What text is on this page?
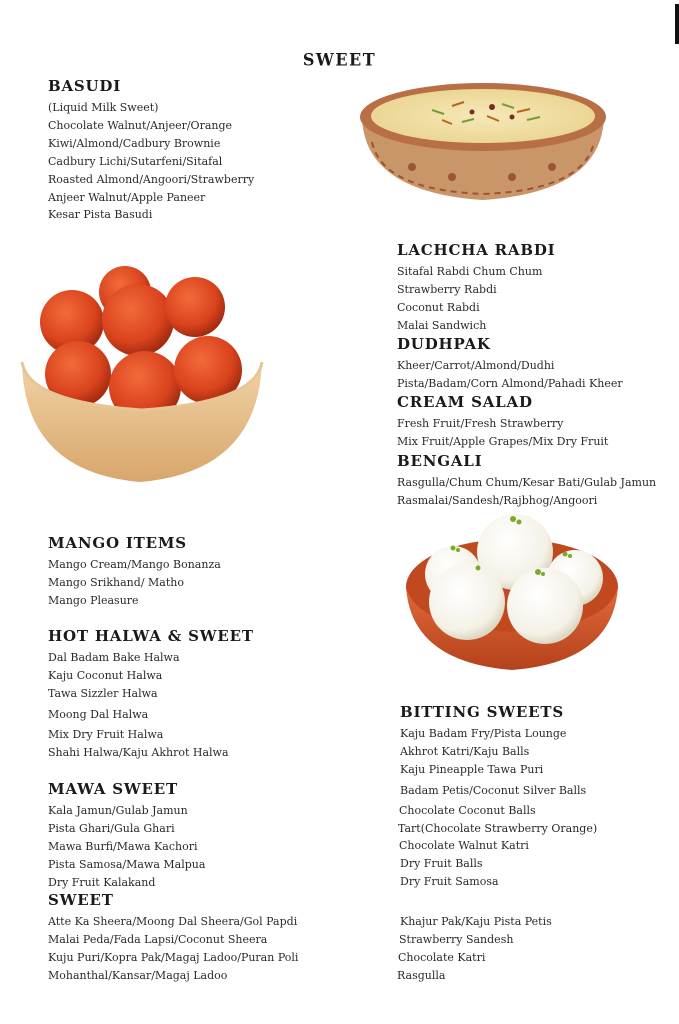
SWEET
BASUDI
(Liquid Milk Sweet)
Chocolate Walnut/Anjeer/Orange
Kiwi/Almond/Cadbury Brownie
Cadbury Lichi/Sutarfeni/Sitafal
Roasted Almond/Angoori/Strawberry
Anjeer Walnut/Apple Paneer
Kesar Pista Basudi
LACHCHA RABDI
Sitafal Rabdi Chum Chum
Strawberry Rabdi
Coconut Rabdi
Malai Sandwich
DUDHPAK
Kheer/Carrot/Almond/Dudhi
Pista/Badam/Corn Almond/Pahadi Kheer
CREAM SALAD
Fresh Fruit/Fresh Strawberry
Mix Fruit/Apple Grapes/Mix Dry Fruit
BENGALI
Rasgulla/Chum Chum/Kesar Bati/Gulab Jamun
Rasmalai/Sandesh/Rajbhog/Angoori
MANGO ITEMS
Mango Cream/Mango Bonanza
Mango Srikhand/ Matho
Mango Pleasure
HOT HALWA & SWEET
Dal Badam Bake Halwa
Kaju Coconut Halwa
Tawa Sizzler Halwa
Moong Dal Halwa
Mix Dry Fruit Halwa
Shahi Halwa/Kaju Akhrot Halwa
BITTING SWEETS
Kaju Badam Fry/Pista Lounge
Akhrot Katri/Kaju Balls
Kaju Pineapple Tawa Puri
Badam Petis/Coconut Silver Balls
Chocolate Coconut Balls
Tart(Chocolate Strawberry Orange)
Chocolate Walnut Katri
Dry Fruit Balls
Dry Fruit Samosa
MAWA SWEET
Kala Jamun/Gulab Jamun
Pista Ghari/Gula Ghari
Mawa Burfi/Mawa Kachori
Pista Samosa/Mawa Malpua
Dry Fruit Kalakand
SWEET
Atte Ka Sheera/Moong Dal Sheera/Gol Papdi
Malai Peda/Fada Lapsi/Coconut Sheera
Kuju Puri/Kopra Pak/Magaj Ladoo/Puran Poli
Mohanthal/Kansar/Magaj Ladoo
Khajur Pak/Kaju Pista Petis
Strawberry Sandesh
Chocolate Katri
Rasgulla
